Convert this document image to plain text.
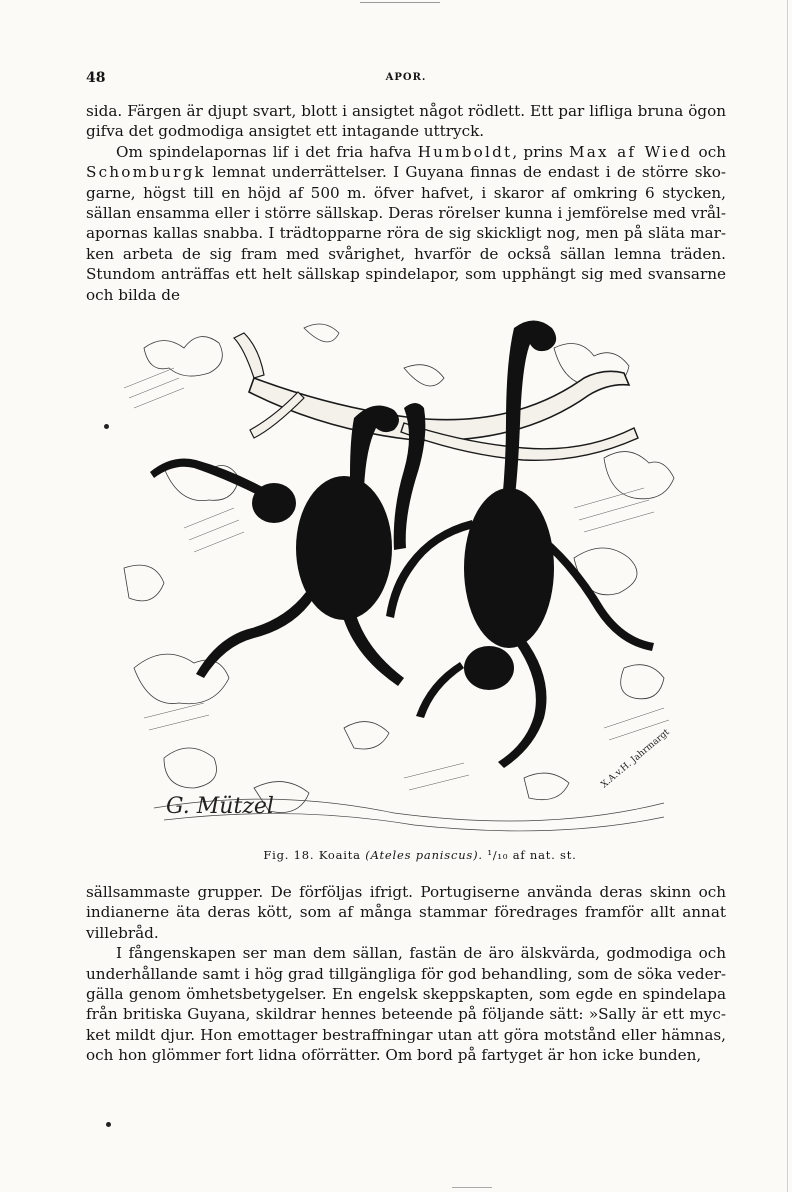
48	APOR.

sida. Färgen är djupt svart, blott i ansigtet något rödlett. Ett par lifliga bruna ögon gifva det godmodiga ansigtet ett intagande uttryck.

Om spindelapornas lif i det fria hafva Humboldt, prins Max af Wied och Schomburgk lemnat underrättelser. I Guyana finnas de endast i de större sko- garne, högst till en höjd af 500 m. öfver hafvet, i skaror af omkring 6 stycken, sällan ensamma eller i större sällskap. Deras rörelser kunna i jemförelse med vrål- apornas kallas snabba. I trädtopparne röra de sig skickligt nog, men på släta mar- ken arbeta de sig fram med svårighet, hvarför de också sällan lemna träden. Stundom anträffas ett helt sällskap spindelapor, som upphängt sig med svansarne och bilda de

G. Mützel
X.A.v.H. Jahrmargt
Fig. 18. Koaita (Ateles paniscus). ¹/₁₀ af nat. st.

sällsammaste grupper. De förföljas ifrigt. Portugiserne använda deras skinn och indianerne äta deras kött, som af många stammar föredrages framför allt annat villebråd.

I fångenskapen ser man dem sällan, fastän de äro älskvärda, godmodiga och underhållande samt i hög grad tillgängliga för god behandling, som de söka veder- gälla genom ömhetsbetygelser. En engelsk skeppskapten, som egde en spindelapa från britiska Guyana, skildrar hennes beteende på följande sätt: »Sally är ett myc- ket mildt djur. Hon emottager bestraffningar utan att göra motstånd eller hämnas, och hon glömmer fort lidna oförrätter. Om bord på fartyget är hon icke bunden,
